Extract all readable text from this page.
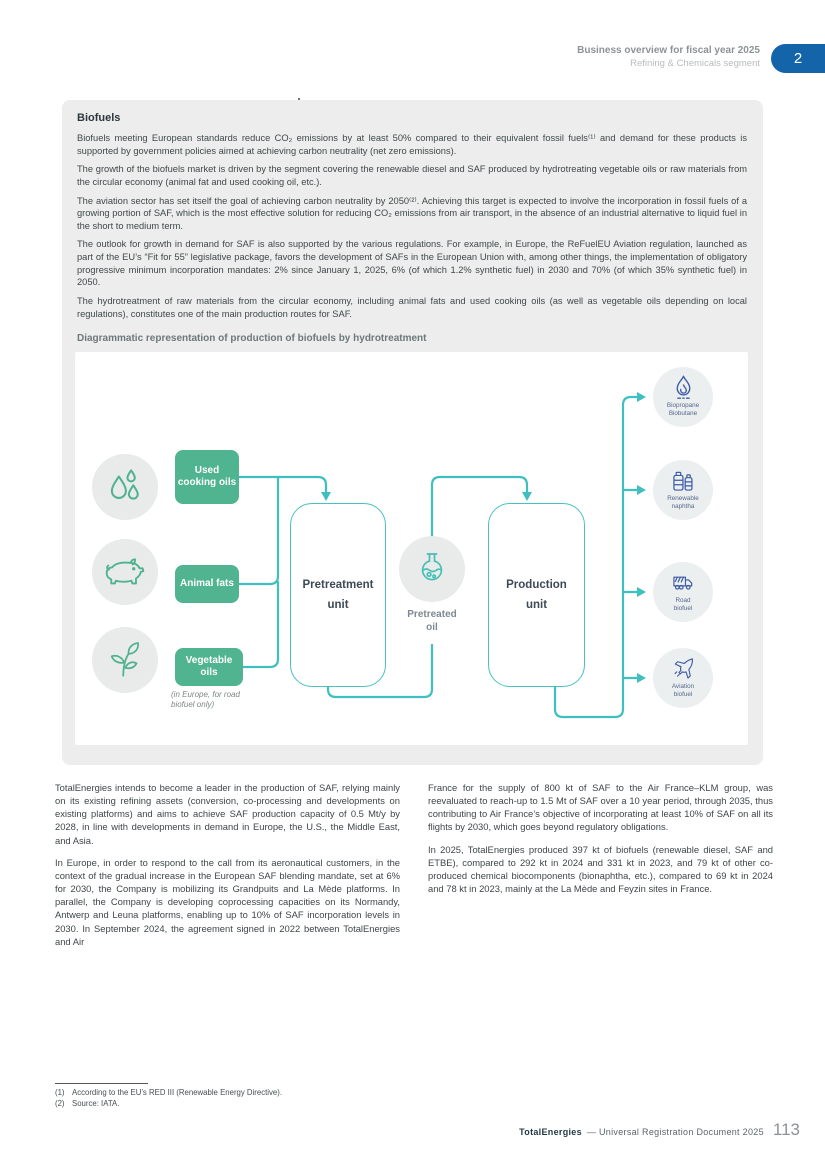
Business overview for fiscal year 2025
Refining & Chemicals segment	2
Biofuels

Biofuels meeting European standards reduce CO₂ emissions by at least 50% compared to their equivalent fossil fuels⁽¹⁾ and demand for these products is supported by government policies aimed at achieving carbon neutrality (net zero emissions).

The growth of the biofuels market is driven by the segment covering the renewable diesel and SAF produced by hydrotreating vegetable oils or raw materials from the circular economy (animal fat and used cooking oil, etc.).

The aviation sector has set itself the goal of achieving carbon neutrality by 2050⁽²⁾. Achieving this target is expected to involve the incorporation in fossil fuels of a growing portion of SAF, which is the most effective solution for reducing CO₂ emissions from air transport, in the absence of an industrial alternative to liquid fuel in the short to medium term.

The outlook for growth in demand for SAF is also supported by the various regulations. For example, in Europe, the ReFuelEU Aviation regulation, launched as part of the EU’s “Fit for 55” legislative package, favors the development of SAFs in the European Union with, among other things, the implementation of obligatory progressive minimum incorporation mandates: 2% since January 1, 2025, 6% (of which 1.2% synthetic fuel) in 2030 and 70% (of which 35% synthetic fuel) in 2050.

The hydrotreatment of raw materials from the circular economy, including animal fats and used cooking oils (as well as vegetable oils depending on local regulations), constitutes one of the main production routes for SAF.

Diagrammatic representation of production of biofuels by hydrotreatment
Used cooking oils
Animal fats
Vegetable oils
(in Europe, for road biofuel only)
Pretreatment
unit
Production
unit
Pretreated
oil
Biopropane
Biobutane
Renewable
naphtha
Road
biofuel
Aviation
biofuel

TotalEnergies intends to become a leader in the production of SAF, relying mainly on its existing refining assets (conversion, co-processing and developments on existing platforms) and aims to achieve SAF production capacity of 0.5 Mt/y by 2028, in line with developments in demand in Europe, the U.S., the Middle East, and Asia.

In Europe, in order to respond to the call from its aeronautical customers, in the context of the gradual increase in the European SAF blending mandate, set at 6% for 2030, the Company is mobilizing its Grandpuits and La Mède platforms. In parallel, the Company is developing coprocessing capacities on its Normandy, Antwerp and Leuna platforms, enabling up to 10% of SAF incorporation levels in 2030. In September 2024, the agreement signed in 2022 between TotalEnergies and Air

France for the supply of 800 kt of SAF to the Air France–KLM group, was reevaluated to reach-up to 1.5 Mt of SAF over a 10 year period, through 2035, thus contributing to Air France’s objective of incorporating at least 10% of SAF on all its flights by 2030, which goes beyond regulatory obligations.

In 2025, TotalEnergies produced 397 kt of biofuels (renewable diesel, SAF and ETBE), compared to 292 kt in 2024 and 331 kt in 2023, and 79 kt of other co-produced chemical biocomponents (bionaphtha, etc.), compared to 69 kt in 2024 and 78 kt in 2023, mainly at the La Mède and Feyzin sites in France.

(1) According to the EU’s RED III (Renewable Energy Directive).
(2) Source: IATA.
TotalEnergies — Universal Registration Document 2025 113
